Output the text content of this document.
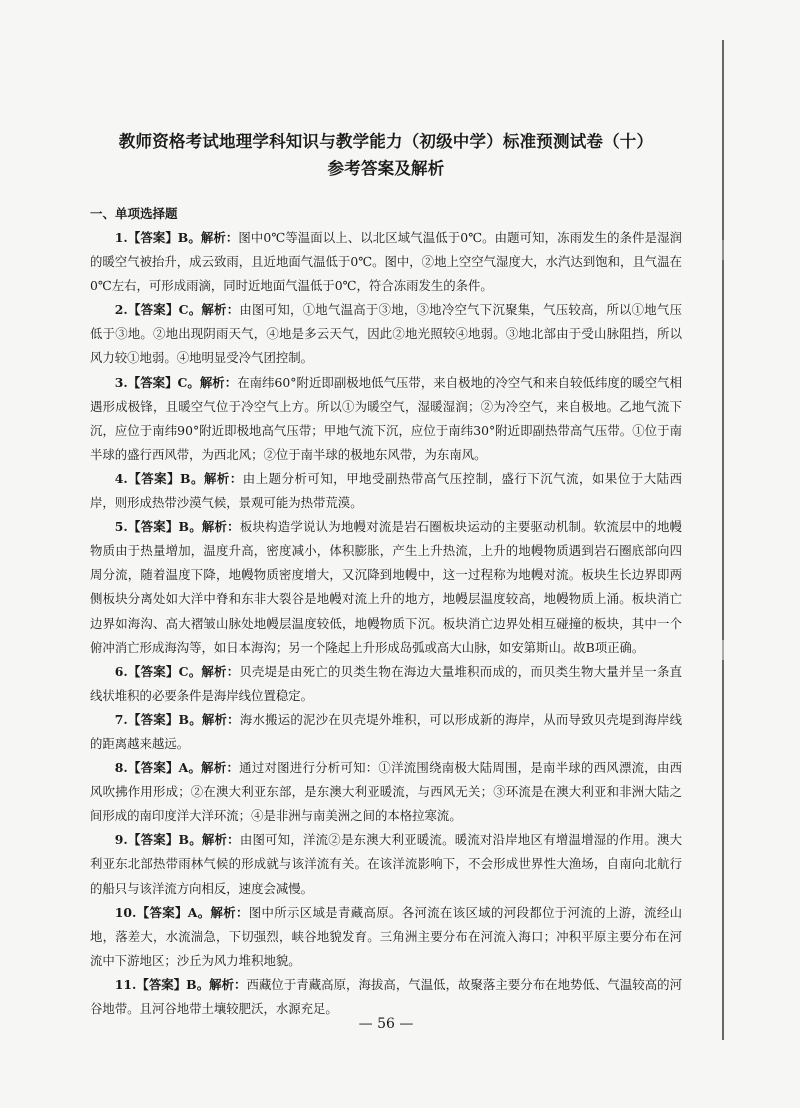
教师资格考试地理学科知识与教学能力（初级中学）标准预测试卷（十）
参考答案及解析
一、单项选择题

1.【答案】B。解析：图中0℃等温面以上、以北区域气温低于0℃。由题可知，冻雨发生的条件是湿润的暖空气被抬升，成云致雨，且近地面气温低于0℃。图中，②地上空空气湿度大，水汽达到饱和，且气温在0℃左右，可形成雨滴，同时近地面气温低于0℃，符合冻雨发生的条件。

2.【答案】C。解析：由图可知，①地气温高于③地，③地冷空气下沉聚集，气压较高，所以①地气压低于③地。②地出现阴雨天气，④地是多云天气，因此②地光照较④地弱。③地北部由于受山脉阻挡，所以风力较①地弱。④地明显受冷气团控制。

3.【答案】C。解析：在南纬60°附近即副极地低气压带，来自极地的冷空气和来自较低纬度的暖空气相遇形成极锋，且暖空气位于冷空气上方。所以①为暖空气，湿暖湿润；②为冷空气，来自极地。乙地气流下沉，应位于南纬90°附近即极地高气压带；甲地气流下沉，应位于南纬30°附近即副热带高气压带。①位于南半球的盛行西风带，为西北风；②位于南半球的极地东风带，为东南风。

4.【答案】B。解析：由上题分析可知，甲地受副热带高气压控制，盛行下沉气流，如果位于大陆西岸，则形成热带沙漠气候，景观可能为热带荒漠。

5.【答案】B。解析：板块构造学说认为地幔对流是岩石圈板块运动的主要驱动机制。软流层中的地幔物质由于热量增加，温度升高，密度减小，体积膨胀，产生上升热流，上升的地幔物质遇到岩石圈底部向四周分流，随着温度下降，地幔物质密度增大，又沉降到地幔中，这一过程称为地幔对流。板块生长边界即两侧板块分离处如大洋中脊和东非大裂谷是地幔对流上升的地方，地幔层温度较高，地幔物质上涌。板块消亡边界如海沟、高大褶皱山脉处地幔层温度较低，地幔物质下沉。板块消亡边界处相互碰撞的板块，其中一个俯冲消亡形成海沟等，如日本海沟；另一个隆起上升形成岛弧或高大山脉，如安第斯山。故B项正确。

6.【答案】C。解析：贝壳堤是由死亡的贝类生物在海边大量堆积而成的，而贝类生物大量并呈一条直线状堆积的必要条件是海岸线位置稳定。

7.【答案】B。解析：海水搬运的泥沙在贝壳堤外堆积，可以形成新的海岸，从而导致贝壳堤到海岸线的距离越来越远。

8.【答案】A。解析：通过对图进行分析可知：①洋流围绕南极大陆周围，是南半球的西风漂流，由西风吹拂作用形成；②在澳大利亚东部，是东澳大利亚暖流，与西风无关；③环流是在澳大利亚和非洲大陆之间形成的南印度洋大洋环流；④是非洲与南美洲之间的本格拉寒流。

9.【答案】B。解析：由图可知，洋流②是东澳大利亚暖流。暖流对沿岸地区有增温增湿的作用。澳大利亚东北部热带雨林气候的形成就与该洋流有关。在该洋流影响下，不会形成世界性大渔场，自南向北航行的船只与该洋流方向相反，速度会减慢。

10.【答案】A。解析：图中所示区域是青藏高原。各河流在该区域的河段都位于河流的上游，流经山地，落差大，水流湍急，下切强烈，峡谷地貌发育。三角洲主要分布在河流入海口；冲积平原主要分布在河流中下游地区；沙丘为风力堆积地貌。

11.【答案】B。解析：西藏位于青藏高原，海拔高，气温低，故聚落主要分布在地势低、气温较高的河谷地带。且河谷地带土壤较肥沃，水源充足。

— 56 —
